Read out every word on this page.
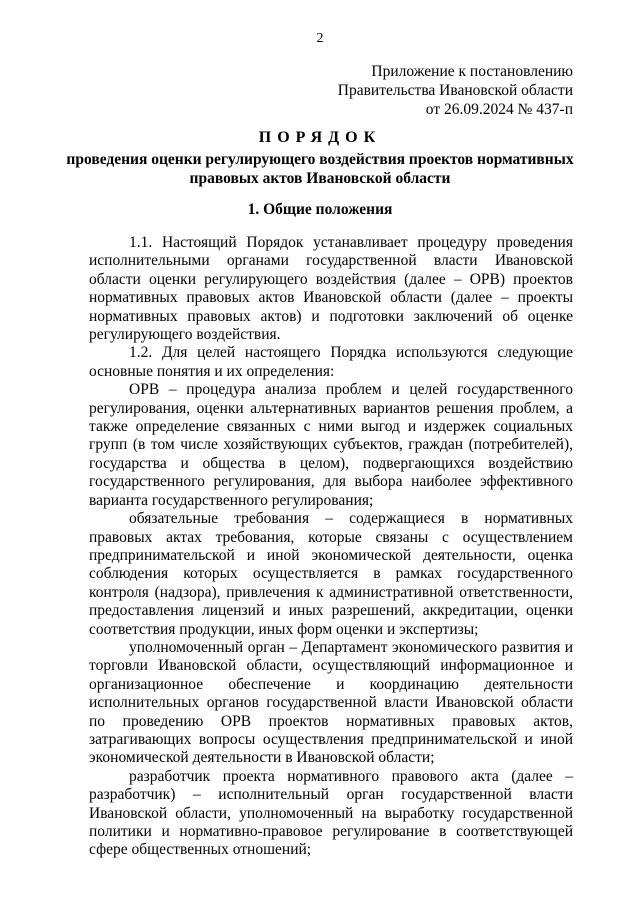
2
Приложение к постановлению
Правительства Ивановской области
от 26.09.2024 № 437-п
ПОРЯДОК
проведения оценки регулирующего воздействия проектов нормативных правовых актов Ивановской области
1. Общие положения

1.1. Настоящий Порядок устанавливает процедуру проведения исполнительными органами государственной власти Ивановской области оценки регулирующего воздействия (далее – ОРВ) проектов нормативных правовых актов Ивановской области (далее – проекты нормативных правовых актов) и подготовки заключений об оценке регулирующего воздействия.

1.2. Для целей настоящего Порядка используются следующие основные понятия и их определения:

ОРВ – процедура анализа проблем и целей государственного регулирования, оценки альтернативных вариантов решения проблем, а также определение связанных с ними выгод и издержек социальных групп (в том числе хозяйствующих субъектов, граждан (потребителей), государства и общества в целом), подвергающихся воздействию государственного регулирования, для выбора наиболее эффективного варианта государственного регулирования;

обязательные требования – содержащиеся в нормативных правовых актах требования, которые связаны с осуществлением предпринимательской и иной экономической деятельности, оценка соблюдения которых осуществляется в рамках государственного контроля (надзора), привлечения к административной ответственности, предоставления лицензий и иных разрешений, аккредитации, оценки соответствия продукции, иных форм оценки и экспертизы;

уполномоченный орган – Департамент экономического развития и торговли Ивановской области, осуществляющий информационное и организационное обеспечение и координацию деятельности исполнительных органов государственной власти Ивановской области по проведению ОРВ проектов нормативных правовых актов, затрагивающих вопросы осуществления предпринимательской и иной экономической деятельности в Ивановской области;

разработчик проекта нормативного правового акта (далее – разработчик) – исполнительный орган государственной власти Ивановской области, уполномоченный на выработку государственной политики и нормативно-правовое регулирование в соответствующей сфере общественных отношений;
